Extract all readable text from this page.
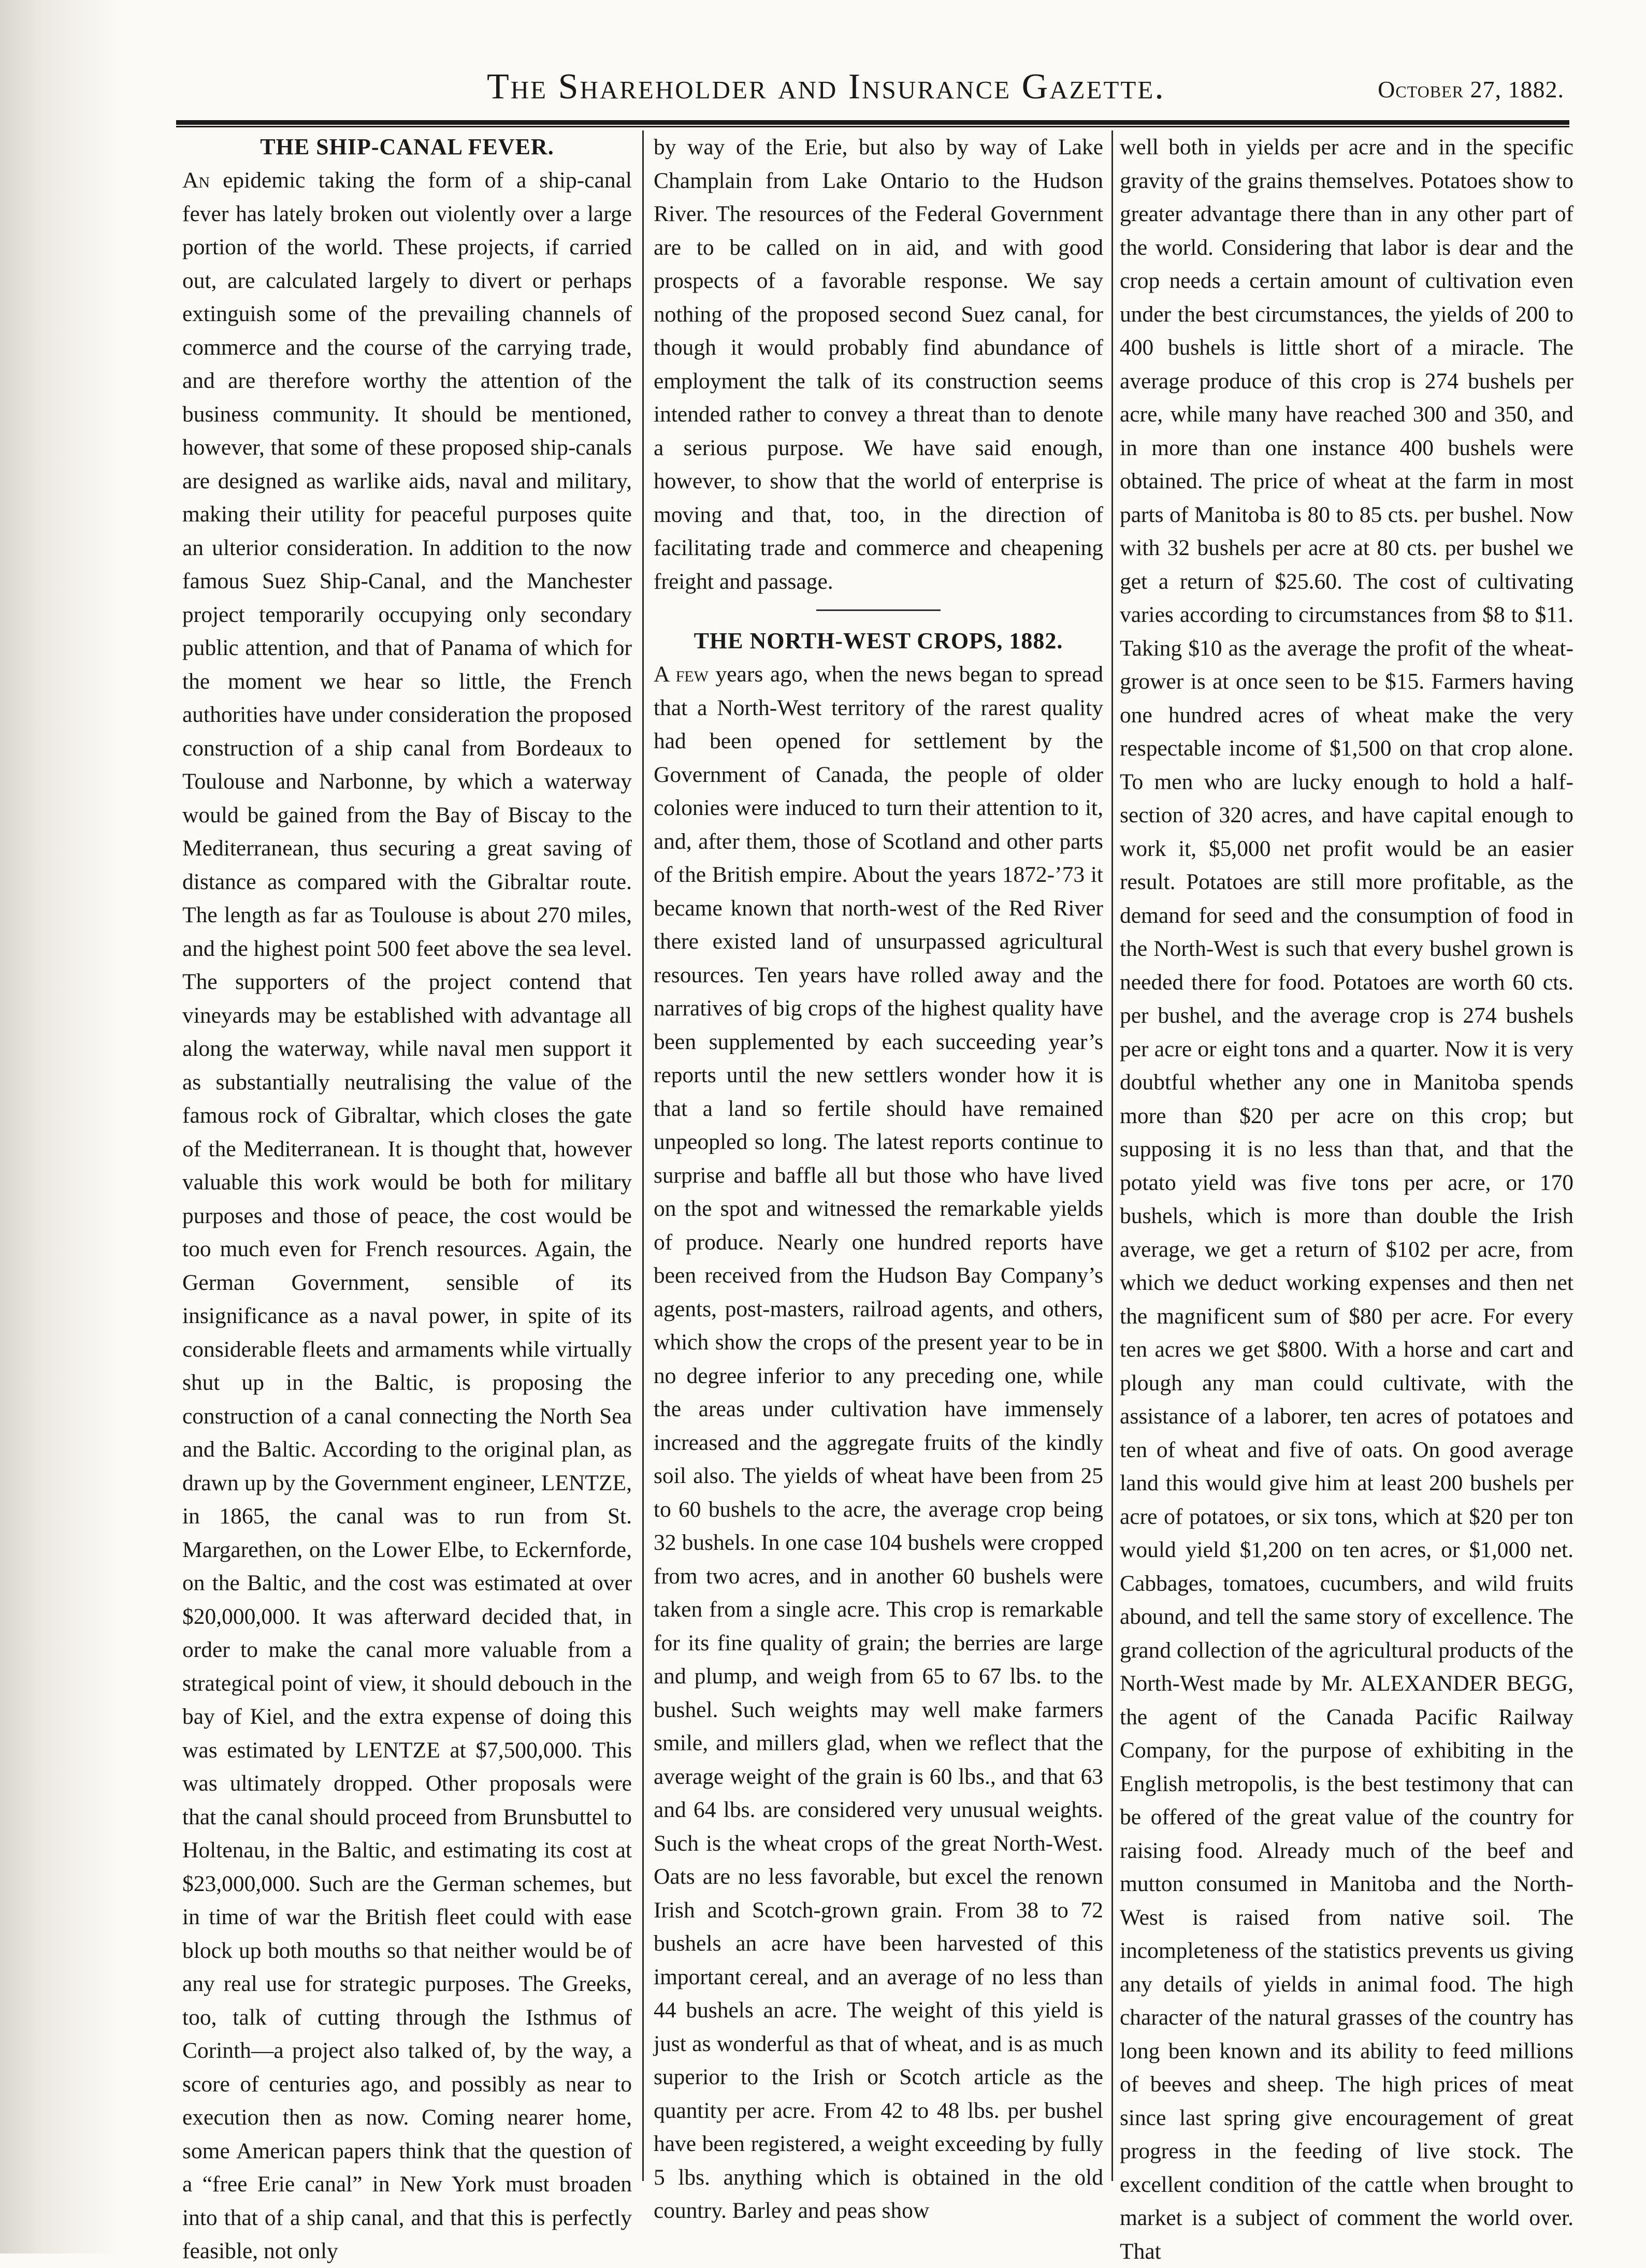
The Shareholder and Insurance Gazette.	October 27, 1882.
THE SHIP-CANAL FEVER.

An epidemic taking the form of a ship-canal fever has lately broken out violently over a large portion of the world. These projects, if carried out, are calculated largely to divert or perhaps extinguish some of the prevailing channels of commerce and the course of the carrying trade, and are therefore worthy the attention of the business community. It should be mentioned, however, that some of these proposed ship-canals are designed as warlike aids, naval and military, making their utility for peaceful purposes quite an ulterior consideration. In addition to the now famous Suez Ship-Canal, and the Manchester project temporarily occupying only secondary public attention, and that of Panama of which for the moment we hear so little, the French authorities have under consideration the proposed construction of a ship canal from Bordeaux to Toulouse and Narbonne, by which a waterway would be gained from the Bay of Biscay to the Mediterranean, thus securing a great saving of distance as compared with the Gibraltar route. The length as far as Toulouse is about 270 miles, and the highest point 500 feet above the sea level. The supporters of the project contend that vineyards may be established with advantage all along the waterway, while naval men support it as substantially neutralising the value of the famous rock of Gibraltar, which closes the gate of the Mediterranean. It is thought that, however valuable this work would be both for military purposes and those of peace, the cost would be too much even for French resources. Again, the German Government, sensible of its insignificance as a naval power, in spite of its considerable fleets and armaments while virtually shut up in the Baltic, is proposing the construction of a canal connecting the North Sea and the Baltic. According to the original plan, as drawn up by the Government engineer, LENTZE, in 1865, the canal was to run from St. Margarethen, on the Lower Elbe, to Eckernforde, on the Baltic, and the cost was estimated at over $20,000,000. It was afterward decided that, in order to make the canal more valuable from a strategical point of view, it should debouch in the bay of Kiel, and the extra expense of doing this was estimated by LENTZE at $7,500,000. This was ultimately dropped. Other proposals were that the canal should proceed from Brunsbuttel to Holtenau, in the Baltic, and estimating its cost at $23,000,000. Such are the German schemes, but in time of war the British fleet could with ease block up both mouths so that neither would be of any real use for strategic purposes. The Greeks, too, talk of cutting through the Isthmus of Corinth—a project also talked of, by the way, a score of centuries ago, and possibly as near to execution then as now. Coming nearer home, some American papers think that the question of a “free Erie canal” in New York must broaden into that of a ship canal, and that this is perfectly feasible, not only

by way of the Erie, but also by way of Lake Champlain from Lake Ontario to the Hudson River. The resources of the Federal Government are to be called on in aid, and with good prospects of a favorable response. We say nothing of the proposed second Suez canal, for though it would probably find abundance of employment the talk of its construction seems intended rather to convey a threat than to denote a serious purpose. We have said enough, however, to show that the world of enterprise is moving and that, too, in the direction of facilitating trade and commerce and cheapening freight and passage.

THE NORTH-WEST CROPS, 1882.

A few years ago, when the news began to spread that a North-West territory of the rarest quality had been opened for settlement by the Government of Canada, the people of older colonies were induced to turn their attention to it, and, after them, those of Scotland and other parts of the British empire. About the years 1872-’73 it became known that north-west of the Red River there existed land of unsurpassed agricultural resources. Ten years have rolled away and the narratives of big crops of the highest quality have been supplemented by each succeeding year’s reports until the new settlers wonder how it is that a land so fertile should have remained unpeopled so long. The latest reports continue to surprise and baffle all but those who have lived on the spot and witnessed the remarkable yields of produce. Nearly one hundred reports have been received from the Hudson Bay Company’s agents, post-masters, railroad agents, and others, which show the crops of the present year to be in no degree inferior to any preceding one, while the areas under cultivation have immensely increased and the aggregate fruits of the kindly soil also. The yields of wheat have been from 25 to 60 bushels to the acre, the average crop being 32 bushels. In one case 104 bushels were cropped from two acres, and in another 60 bushels were taken from a single acre. This crop is remarkable for its fine quality of grain; the berries are large and plump, and weigh from 65 to 67 lbs. to the bushel. Such weights may well make farmers smile, and millers glad, when we reflect that the average weight of the grain is 60 lbs., and that 63 and 64 lbs. are considered very unusual weights. Such is the wheat crops of the great North-West. Oats are no less favorable, but excel the renown Irish and Scotch-grown grain. From 38 to 72 bushels an acre have been harvested of this important cereal, and an average of no less than 44 bushels an acre. The weight of this yield is just as wonderful as that of wheat, and is as much superior to the Irish or Scotch article as the quantity per acre. From 42 to 48 lbs. per bushel have been registered, a weight exceeding by fully 5 lbs. anything which is obtained in the old country. Barley and peas show

well both in yields per acre and in the specific gravity of the grains themselves. Potatoes show to greater advantage there than in any other part of the world. Considering that labor is dear and the crop needs a certain amount of cultivation even under the best circumstances, the yields of 200 to 400 bushels is little short of a miracle. The average produce of this crop is 274 bushels per acre, while many have reached 300 and 350, and in more than one instance 400 bushels were obtained. The price of wheat at the farm in most parts of Manitoba is 80 to 85 cts. per bushel. Now with 32 bushels per acre at 80 cts. per bushel we get a return of $25.60. The cost of cultivating varies according to circumstances from $8 to $11. Taking $10 as the average the profit of the wheat-grower is at once seen to be $15. Farmers having one hundred acres of wheat make the very respectable income of $1,500 on that crop alone. To men who are lucky enough to hold a half-section of 320 acres, and have capital enough to work it, $5,000 net profit would be an easier result. Potatoes are still more profitable, as the demand for seed and the consumption of food in the North-West is such that every bushel grown is needed there for food. Potatoes are worth 60 cts. per bushel, and the average crop is 274 bushels per acre or eight tons and a quarter. Now it is very doubtful whether any one in Manitoba spends more than $20 per acre on this crop; but supposing it is no less than that, and that the potato yield was five tons per acre, or 170 bushels, which is more than double the Irish average, we get a return of $102 per acre, from which we deduct working expenses and then net the magnificent sum of $80 per acre. For every ten acres we get $800. With a horse and cart and plough any man could cultivate, with the assistance of a laborer, ten acres of potatoes and ten of wheat and five of oats. On good average land this would give him at least 200 bushels per acre of potatoes, or six tons, which at $20 per ton would yield $1,200 on ten acres, or $1,000 net. Cabbages, tomatoes, cucumbers, and wild fruits abound, and tell the same story of excellence. The grand collection of the agricultural products of the North-West made by Mr. ALEXANDER BEGG, the agent of the Canada Pacific Railway Company, for the purpose of exhibiting in the English metropolis, is the best testimony that can be offered of the great value of the country for raising food. Already much of the beef and mutton consumed in Manitoba and the North-West is raised from native soil. The incompleteness of the statistics prevents us giving any details of yields in animal food. The high character of the natural grasses of the country has long been known and its ability to feed millions of beeves and sheep. The high prices of meat since last spring give encouragement of great progress in the feeding of live stock. The excellent condition of the cattle when brought to market is a subject of comment the world over. That
